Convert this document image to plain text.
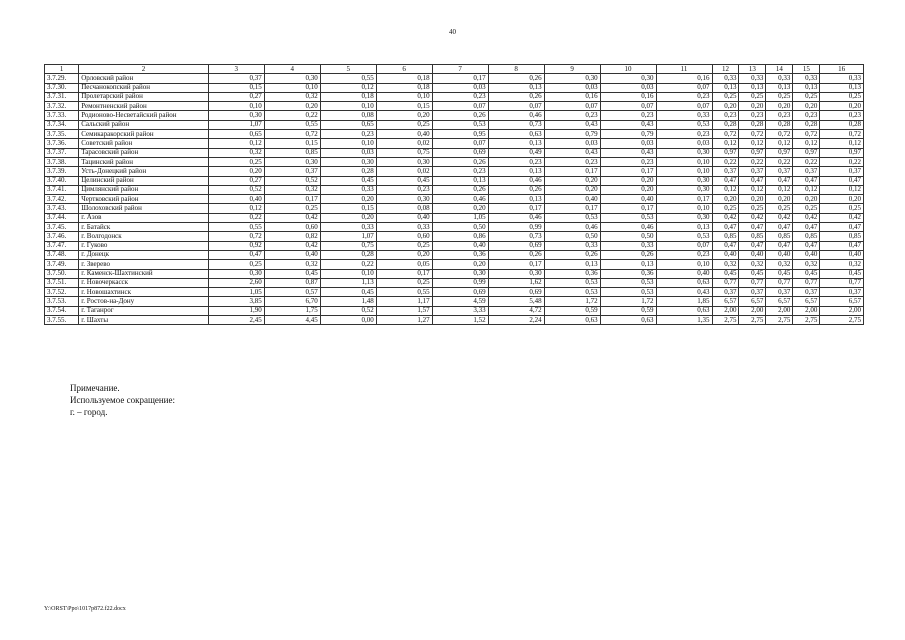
40
1	2	3	4	5	6	7	8	9	10	11	12	13	14	15	16
3.7.29.	Орловский район	0,37	0,30	0,55	0,18	0,17	0,26	0,30	0,30	0,16	0,33	0,33	0,33	0,33	0,33
3.7.30.	Песчанокопский район	0,15	0,10	0,12	0,18	0,03	0,13	0,03	0,03	0,07	0,13	0,13	0,13	0,13	0,13
3.7.31.	Пролетарский район	0,27	0,32	0,18	0,10	0,23	0,26	0,16	0,16	0,23	0,25	0,25	0,25	0,25	0,25
3.7.32.	Ремонтненский район	0,10	0,20	0,10	0,15	0,07	0,07	0,07	0,07	0,07	0,20	0,20	0,20	0,20	0,20
3.7.33.	Родионово-Несветайский район	0,30	0,22	0,08	0,20	0,26	0,46	0,23	0,23	0,33	0,23	0,23	0,23	0,23	0,23
3.7.34.	Сальский район	1,07	0,55	0,65	0,25	0,53	0,73	0,43	0,43	0,53	0,28	0,28	0,28	0,28	0,28
3.7.35.	Семикаракорский район	0,65	0,72	0,23	0,40	0,95	0,63	0,79	0,79	0,23	0,72	0,72	0,72	0,72	0,72
3.7.36.	Советский район	0,12	0,15	0,10	0,02	0,07	0,13	0,03	0,03	0,03	0,12	0,12	0,12	0,12	0,12
3.7.37.	Тарасовский район	0,32	0,85	0,03	0,75	0,69	0,49	0,43	0,43	0,30	0,97	0,97	0,97	0,97	0,97
3.7.38.	Тацинский район	0,25	0,30	0,30	0,30	0,26	0,23	0,23	0,23	0,10	0,22	0,22	0,22	0,22	0,22
3.7.39.	Усть-Донецкий район	0,20	0,37	0,28	0,02	0,23	0,13	0,17	0,17	0,10	0,37	0,37	0,37	0,37	0,37
3.7.40.	Целинский район	0,27	0,52	0,45	0,45	0,13	0,46	0,20	0,20	0,30	0,47	0,47	0,47	0,47	0,47
3.7.41.	Цимлянский район	0,52	0,32	0,33	0,23	0,26	0,26	0,20	0,20	0,30	0,12	0,12	0,12	0,12	0,12
3.7.42.	Чертковский район	0,40	0,17	0,20	0,30	0,46	0,13	0,40	0,40	0,17	0,20	0,20	0,20	0,20	0,20
3.7.43.	Шолоховский район	0,12	0,25	0,15	0,08	0,20	0,17	0,17	0,17	0,10	0,25	0,25	0,25	0,25	0,25
3.7.44.	г. Азов	0,22	0,42	0,20	0,40	1,05	0,46	0,53	0,53	0,30	0,42	0,42	0,42	0,42	0,42
3.7.45.	г. Батайск	0,55	0,60	0,33	0,33	0,50	0,99	0,46	0,46	0,13	0,47	0,47	0,47	0,47	0,47
3.7.46.	г. Волгодонск	0,72	0,82	1,07	0,60	0,86	0,73	0,50	0,50	0,53	0,85	0,85	0,85	0,85	0,85
3.7.47.	г. Гуково	0,92	0,42	0,75	0,25	0,40	0,69	0,33	0,33	0,07	0,47	0,47	0,47	0,47	0,47
3.7.48.	г. Донецк	0,47	0,40	0,28	0,20	0,36	0,26	0,26	0,26	0,23	0,40	0,40	0,40	0,40	0,40
3.7.49.	г. Зверево	0,25	0,32	0,22	0,05	0,20	0,17	0,13	0,13	0,10	0,32	0,32	0,32	0,32	0,32
3.7.50.	г. Каменск-Шахтинский	0,30	0,45	0,10	0,17	0,30	0,30	0,36	0,36	0,40	0,45	0,45	0,45	0,45	0,45
3.7.51.	г. Новочеркасск	2,60	0,87	1,13	0,25	0,99	1,62	0,53	0,53	0,63	0,77	0,77	0,77	0,77	0,77
3.7.52.	г. Новошахтинск	1,05	0,57	0,45	0,55	0,69	0,69	0,53	0,53	0,43	0,37	0,37	0,37	0,37	0,37
3.7.53.	г. Ростов-на-Дону	3,85	6,70	1,48	1,17	4,59	5,48	1,72	1,72	1,85	6,57	6,57	6,57	6,57	6,57
3.7.54.	г. Таганрог	1,90	1,75	0,52	1,57	3,33	4,72	0,59	0,59	0,63	2,00	2,00	2,00	2,00	2,00
3.7.55.	г. Шахты	2,45	4,45	0,00	1,27	1,52	2,24	0,63	0,63	1,35	2,75	2,75	2,75	2,75	2,75
Примечание.
Используемое сокращение:
г. – город.
Y:\ORST\Ppo\1017p872.f22.docx
